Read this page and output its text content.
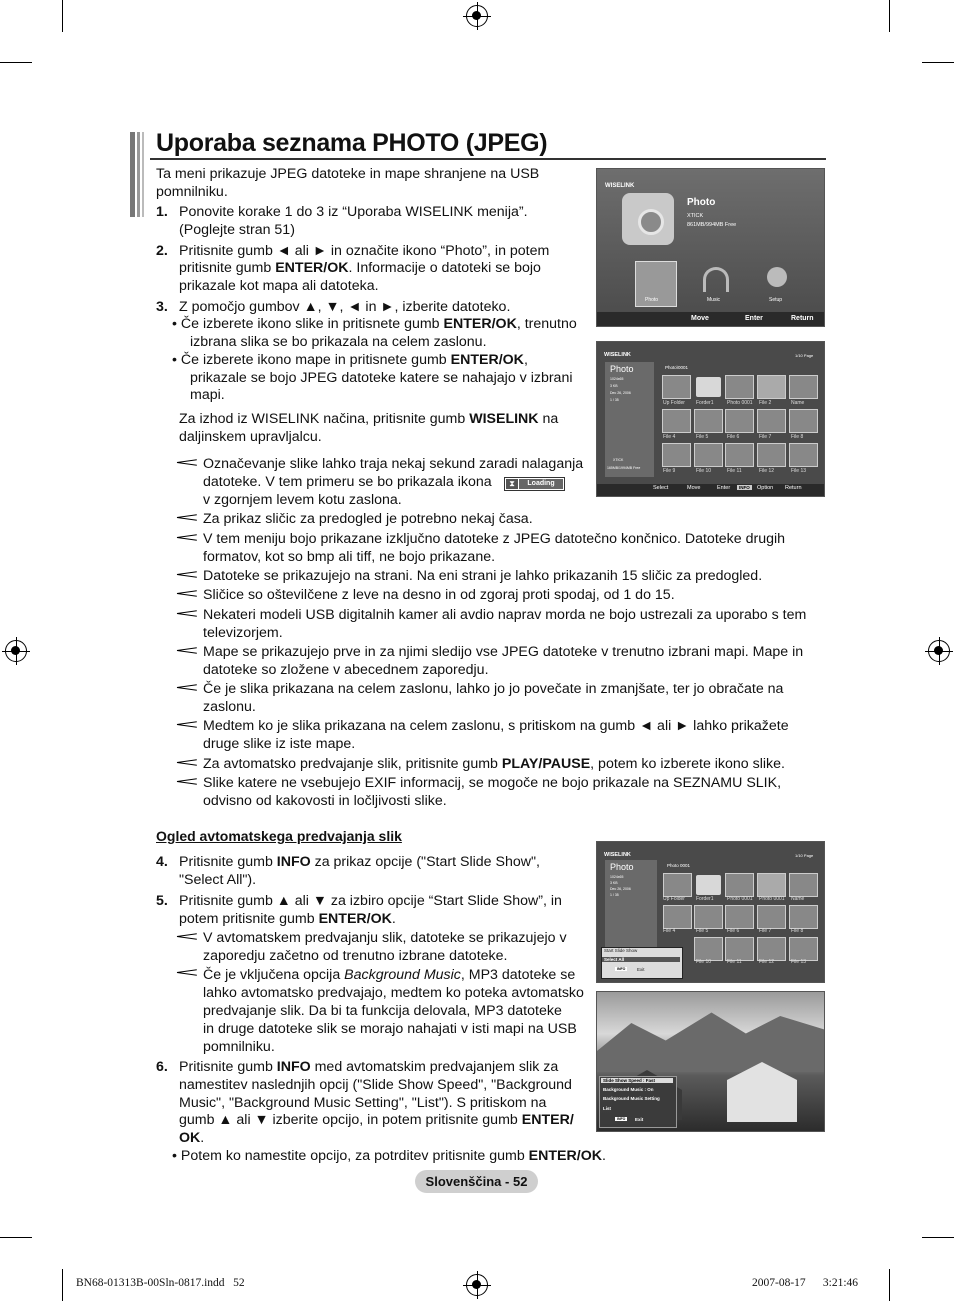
Uporaba seznama PHOTO (JPEG)
Ta meni prikazuje JPEG datoteke in mape shranjene na USB
pomnilniku.
1. Ponovite korake 1 do 3 iz “Uporaba WISELINK menija”.
(Poglejte stran 51)
2. Pritisnite gumb ◄ ali ► in označite ikono “Photo”, in potem
pritisnite gumb ENTER/OK. Informacije o datoteki se bojo
prikazale kot mapa ali datoteka.
3. Z pomočjo gumbov ▲, ▼, ◄ in ►, izberite datoteko.
• Če izberete ikono slike in pritisnete gumb ENTER/OK, trenutno
izbrana slika se bo prikazala na celem zaslonu.
• Če izberete ikono mape in pritisnete gumb ENTER/OK,
prikazale se bojo JPEG datoteke katere se nahajajo v izbrani
mapi.
Za izhod iz WISELINK načina, pritisnite gumb WISELINK na
daljinskem upravljalcu.
Označevanje slike lahko traja nekaj sekund zaradi nalaganja
datoteke. V tem primeru se bo prikazala ikona	⧗	Loading
v zgornjem levem kotu zaslona.
Za prikaz sličic za predogled je potrebno nekaj časa.
V tem meniju bojo prikazane izključno datoteke z JPEG datotečno končnico. Datoteke drugih
formatov, kot so bmp ali tiff, ne bojo prikazane.
Datoteke se prikazujejo na strani. Na eni strani je lahko prikazanih 15 sličic za predogled.
Sličice so oštevilčene z leve na desno in od zgoraj proti spodaj, od 1 do 15.
Nekateri modeli USB digitalnih kamer ali avdio naprav morda ne bojo ustrezali za uporabo s tem
televizorjem.
Mape se prikazujejo prve in za njimi sledijo vse JPEG datoteke v trenutno izbrani mapi. Mape in
datoteke so zložene v abecednem zaporedju.
Če je slika prikazana na celem zaslonu, lahko jo jo povečate in zmanjšate, ter jo obračate na
zaslonu.
Medtem ko je slika prikazana na celem zaslonu, s pritiskom na gumb ◄ ali ► lahko prikažete
druge slike iz iste mape.
Za avtomatsko predvajanje slik, pritisnite gumb PLAY/PAUSE, potem ko izberete ikono slike.
Slike katere ne vsebujejo EXIF informacij, se mogoče ne bojo prikazale na SEZNAMU SLIK,
odvisno od kakovosti in ločljivosti slike.
Ogled avtomatskega predvajanja slik
4. Pritisnite gumb INFO za prikaz opcije ("Start Slide Show",
"Select All").
5. Pritisnite gumb ▲ ali ▼ za izbiro opcije “Start Slide Show”, in
potem pritisnite gumb ENTER/OK.
V avtomatskem predvajanju slik, datoteke se prikazujejo v
zaporedju začetno od trenutno izbrane datoteke.
Če je vključena opcija Background Music, MP3 datoteke se
lahko avtomatsko predvajajo, medtem ko poteka avtomatsko
predvajanje slik. Da bi ta funkcija delovala, MP3 datoteke
in druge datoteke slik se morajo nahajati v isti mapi na USB
pomnilniku.
6. Pritisnite gumb INFO med avtomatskim predvajanjem slik za
namestitev naslednjih opcij ("Slide Show Speed", "Background
Music", "Background Music Setting", "List"). S pritiskom na
gumb ▲ ali ▼ izberite opcijo, in potem pritisnite gumb ENTER/
OK.
• Potem ko namestite opcijo, za potrditev pritisnite gumb ENTER/OK.
WISELINK
Photo
XTICK
861MB/994MB Free
Photo	Music	Setup
Move	Enter	Return
WISELINK	1/10 Page
Photo
1024x65
3 KB
Dec 26, 2006
1 / 35
XTICK
165MB/1994MB Free
Photo\0001
Up Folder Forder1	Photo 0001 File 2	Name
File 4	File 5	File 6	File 7	File 8
File 9	File 10	File 11	File 12	File 13
Select	Move	Enter	INFO	Option Return
WISELINK	1/10 Page
Photo
1024x65
3 KB
Dec 26, 2006
1 / 35
Photo 0001
Up Folder Forder1	Photo 0001 Photo 0001 Name
File 4	File 5	File 6	File 7	File 8
File 10	File 11	File 12	File 13
Start Slide Show
Select All
INFO	Exit
Slide Show Speed : Fast
Background Music : On
Background Music Setting
List
INFO	Exit
Slovenščina - 52
BN68-01313B-00Sln-0817.indd   52	2007-08-17      3:21:46
